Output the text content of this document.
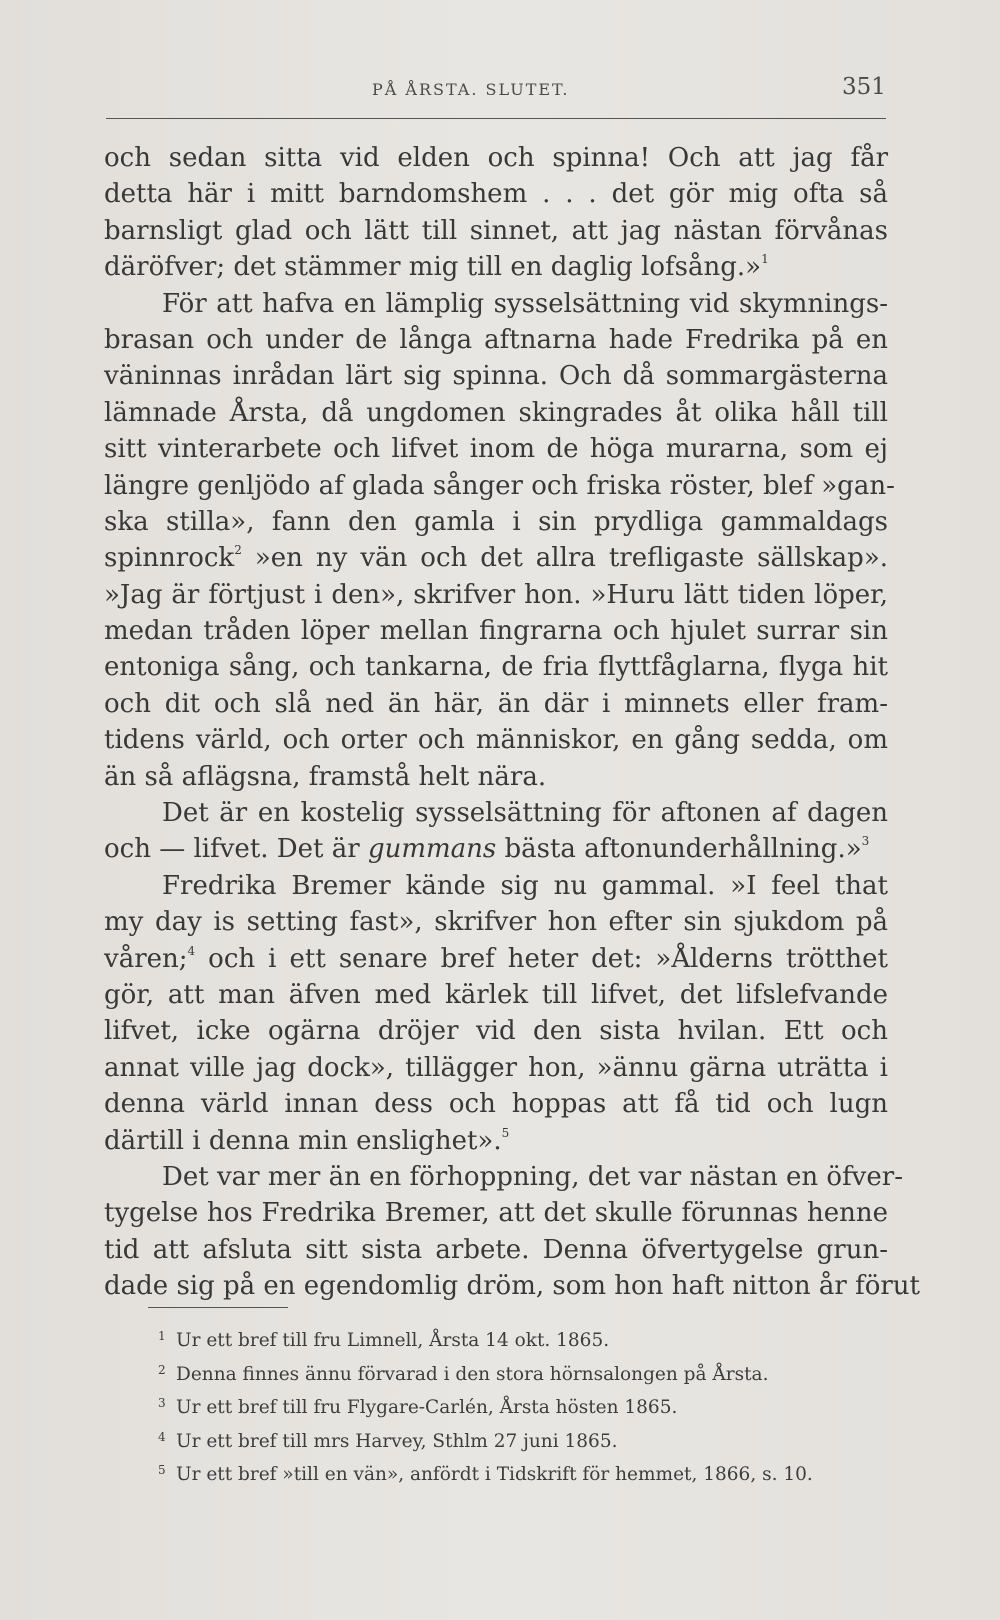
PÅ ÅRSTA. SLUTET.	351
och sedan sitta vid elden och spinna! Och att jag får
detta här i mitt barndomshem . . . det gör mig ofta så
barnsligt glad och lätt till sinnet, att jag nästan förvånas
däröfver; det stämmer mig till en daglig lofsång.»$^1$
För att hafva en lämplig sysselsättning vid skymnings-
brasan och under de långa aftnarna hade Fredrika på en
väninnas inrådan lärt sig spinna. Och då sommargästerna
lämnade Årsta, då ungdomen skingrades åt olika håll till
sitt vinterarbete och lifvet inom de höga murarna, som ej
längre genljödo af glada sånger och friska röster, blef »gan-
ska stilla», fann den gamla i sin prydliga gammaldags
spinnrock$^2$ »en ny vän och det allra trefligaste sällskap».
»Jag är förtjust i den», skrifver hon. »Huru lätt tiden löper,
medan tråden löper mellan fingrarna och hjulet surrar sin
entoniga sång, och tankarna, de fria flyttfåglarna, flyga hit
och dit och slå ned än här, än där i minnets eller fram-
tidens värld, och orter och människor, en gång sedda, om
än så aflägsna, framstå helt nära.
Det är en kostelig sysselsättning för aftonen af dagen
och — lifvet. Det är gummans bästa aftonunderhållning.»$^3$
Fredrika Bremer kände sig nu gammal. »I feel that
my day is setting fast», skrifver hon efter sin sjukdom på
våren;$^4$ och i ett senare bref heter det: »Ålderns trötthet
gör, att man äfven med kärlek till lifvet, det lifslefvande
lifvet, icke ogärna dröjer vid den sista hvilan. Ett och
annat ville jag dock», tillägger hon, »ännu gärna uträtta i
denna värld innan dess och hoppas att få tid och lugn
därtill i denna min enslighet».$^5$
Det var mer än en förhoppning, det var nästan en öfver-
tygelse hos Fredrika Bremer, att det skulle förunnas henne
tid att afsluta sitt sista arbete. Denna öfvertygelse grun-
dade sig på en egendomlig dröm, som hon haft nitton år förut
1 Ur ett bref till fru Limnell, Årsta 14 okt. 1865.
2 Denna finnes ännu förvarad i den stora hörnsalongen på Årsta.
3 Ur ett bref till fru Flygare-Carlén, Årsta hösten 1865.
4 Ur ett bref till mrs Harvey, Sthlm 27 juni 1865.
5 Ur ett bref »till en vän», anfördt i Tidskrift för hemmet, 1866, s. 10.
